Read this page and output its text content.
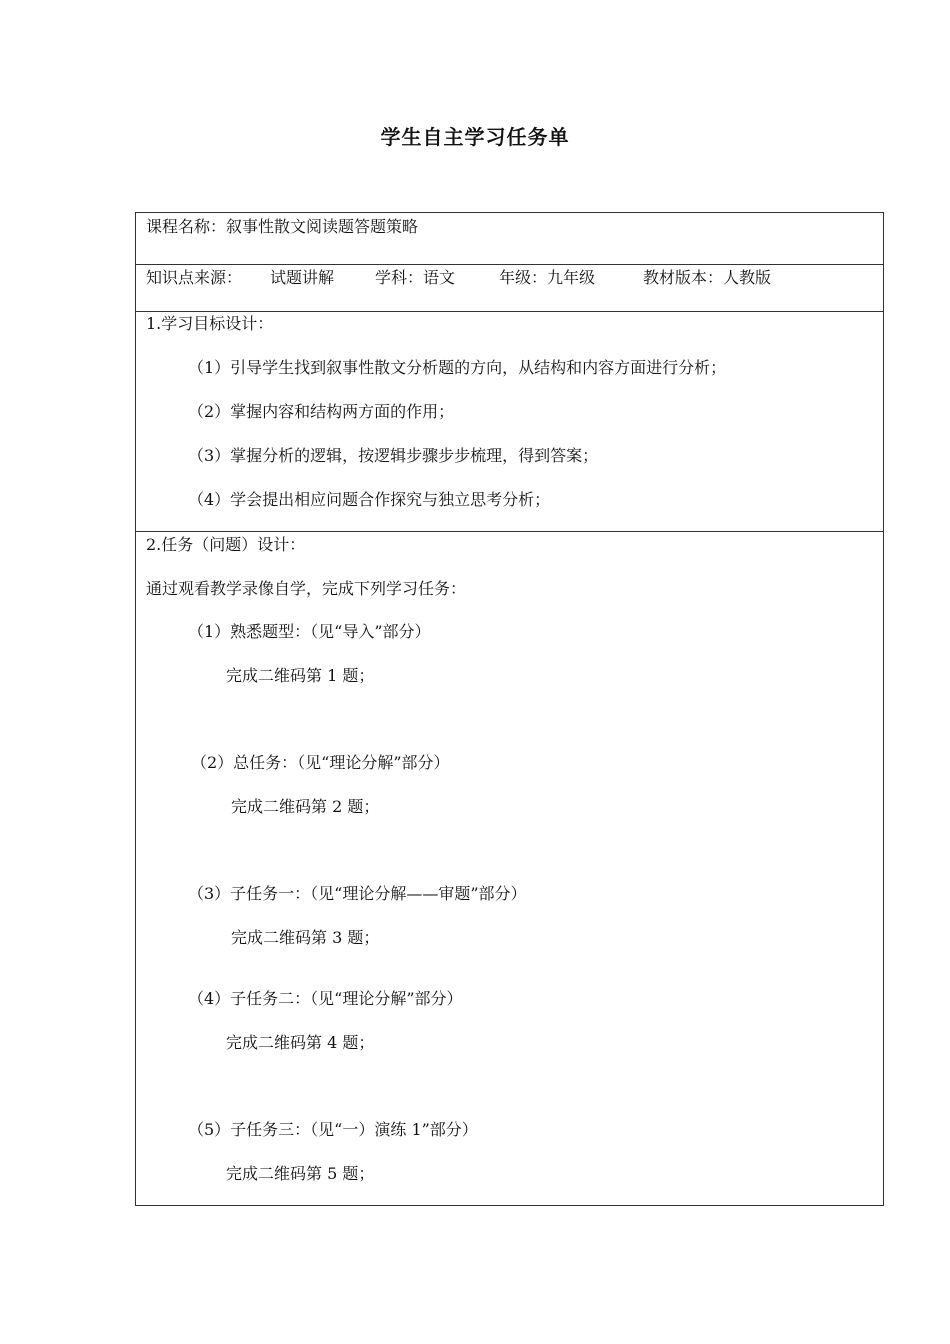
学生自主学习任务单
课程名称：叙事性散文阅读题答题策略
知识点来源： 试题讲解	学科：语文	年级：九年级	教材版本：人教版
1.学习目标设计：
（1）引导学生找到叙事性散文分析题的方向，从结构和内容方面进行分析；
（2）掌握内容和结构两方面的作用；
（3）掌握分析的逻辑，按逻辑步骤步步梳理，得到答案；
（4）学会提出相应问题合作探究与独立思考分析；
2.任务（问题）设计：
通过观看教学录像自学，完成下列学习任务：
（1）熟悉题型：（见“导入”部分）
完成二维码第 1 题；
（2）总任务：（见“理论分解”部分）
完成二维码第 2 题；
（3）子任务一：（见“理论分解——审题”部分）
完成二维码第 3 题；
（4）子任务二：（见“理论分解”部分）
完成二维码第 4 题；
（5）子任务三：（见“一）演练 1”部分）
完成二维码第 5 题；
